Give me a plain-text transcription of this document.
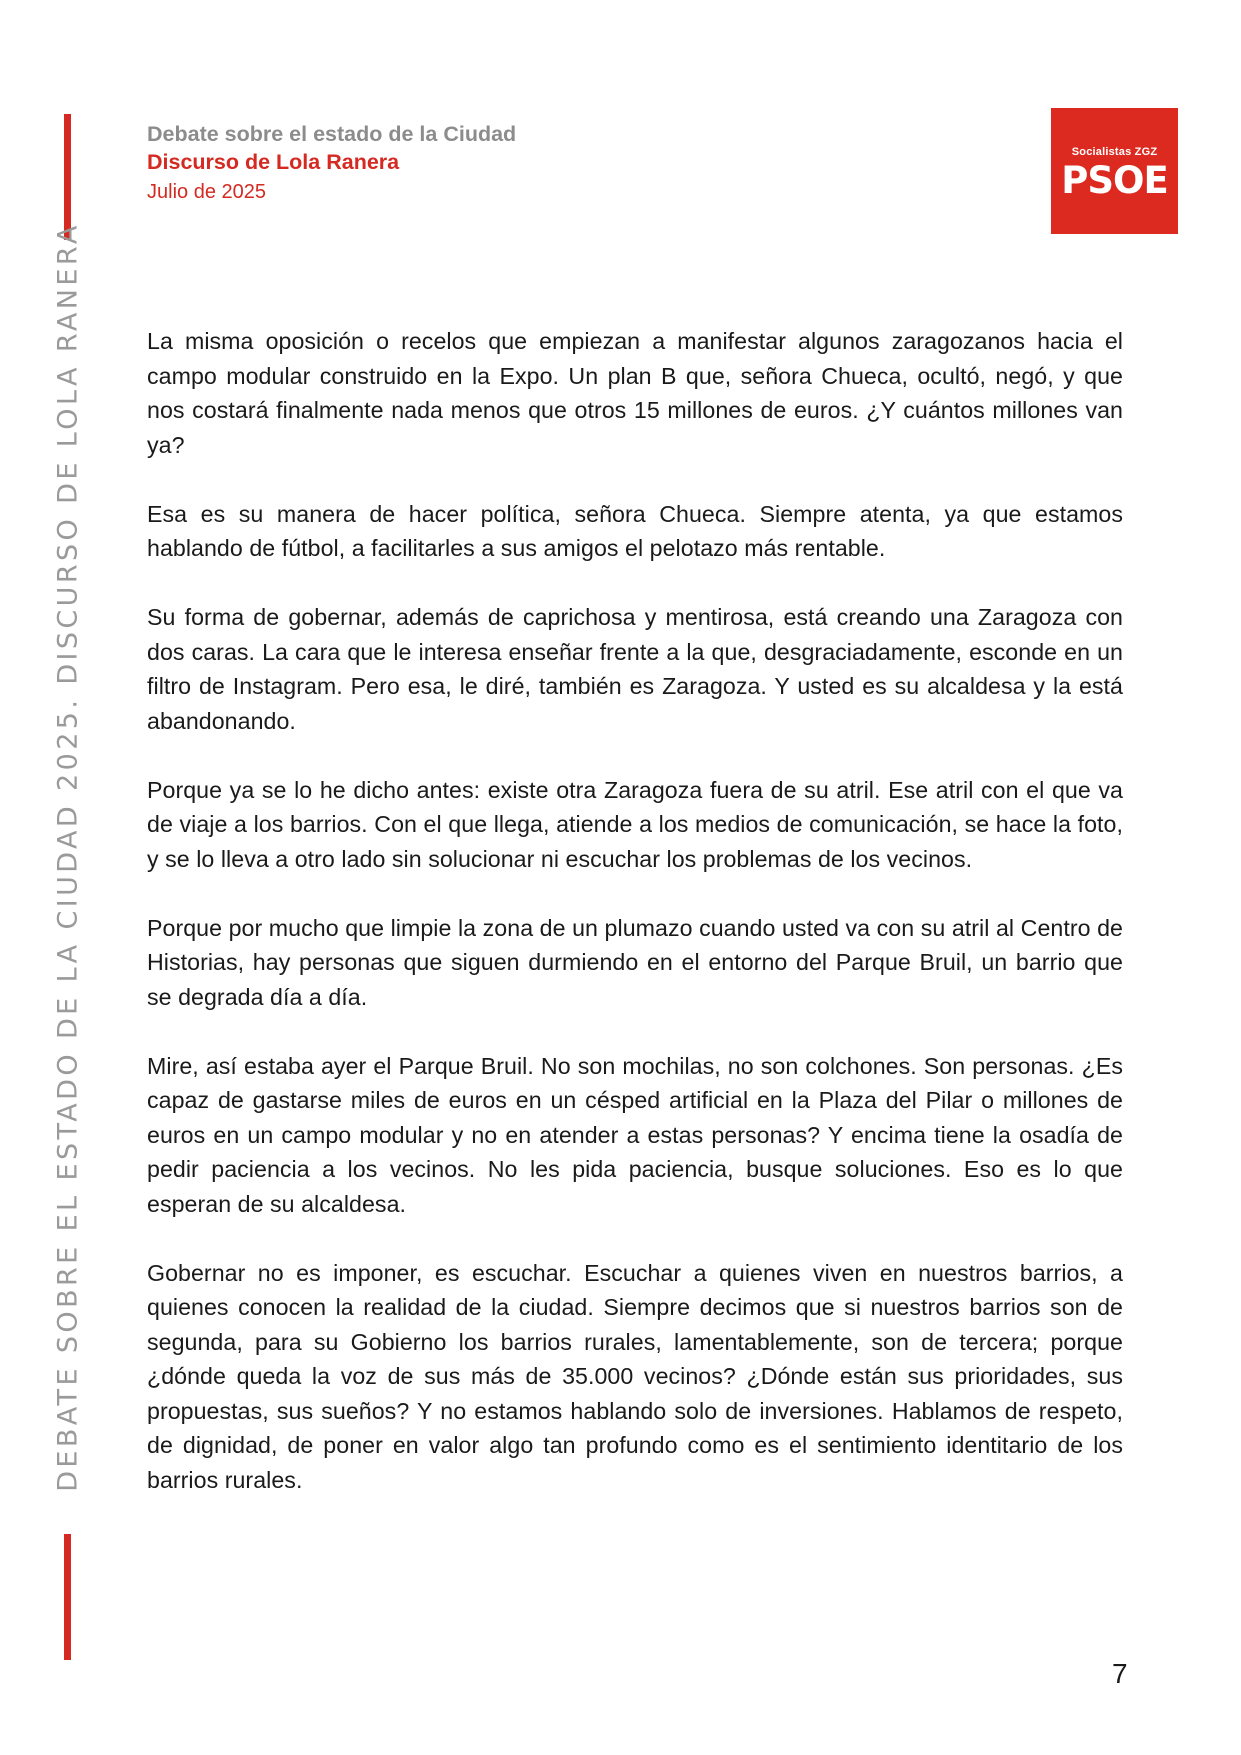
DEBATE SOBRE EL ESTADO DE LA CIUDAD 2025. DISCURSO DE LOLA RANERA
Debate sobre el estado de la Ciudad
Discurso de Lola Ranera
Julio de 2025
Socialistas ZGZ
PSOE

La misma oposición o recelos que empiezan a manifestar algunos zaragozanos hacia el campo modular construido en la Expo. Un plan B que, señora Chueca, ocultó, negó, y que nos costará finalmente nada menos que otros 15 millones de euros. ¿Y cuántos millones van ya?

Esa es su manera de hacer política, señora Chueca. Siempre atenta, ya que estamos hablando de fútbol, a facilitarles a sus amigos el pelotazo más rentable.

Su forma de gobernar, además de caprichosa y mentirosa, está creando una Zaragoza con dos caras. La cara que le interesa enseñar frente a la que, desgraciadamente, esconde en un filtro de Instagram. Pero esa, le diré, también es Zaragoza. Y usted es su alcaldesa y la está abandonando.

Porque ya se lo he dicho antes: existe otra Zaragoza fuera de su atril. Ese atril con el que va de viaje a los barrios. Con el que llega, atiende a los medios de comunicación, se hace la foto, y se lo lleva a otro lado sin solucionar ni escuchar los problemas de los vecinos.

Porque por mucho que limpie la zona de un plumazo cuando usted va con su atril al Centro de Historias, hay personas que siguen durmiendo en el entorno del Parque Bruil, un barrio que se degrada día a día.

Mire, así estaba ayer el Parque Bruil. No son mochilas, no son colchones. Son personas. ¿Es capaz de gastarse miles de euros en un césped artificial en la Plaza del Pilar o millones de euros en un campo modular y no en atender a estas personas? Y encima tiene la osadía de pedir paciencia a los vecinos. No les pida paciencia, busque soluciones. Eso es lo que esperan de su alcaldesa.

Gobernar no es imponer, es escuchar. Escuchar a quienes viven en nuestros barrios, a quienes conocen la realidad de la ciudad. Siempre decimos que si nuestros barrios son de segunda, para su Gobierno los barrios rurales, lamentablemente, son de tercera; porque ¿dónde queda la voz de sus más de 35.000 vecinos? ¿Dónde están sus prioridades, sus propuestas, sus sueños? Y no estamos hablando solo de inversiones. Hablamos de respeto, de dignidad, de poner en valor algo tan profundo como es el sentimiento identitario de los barrios rurales.

7
